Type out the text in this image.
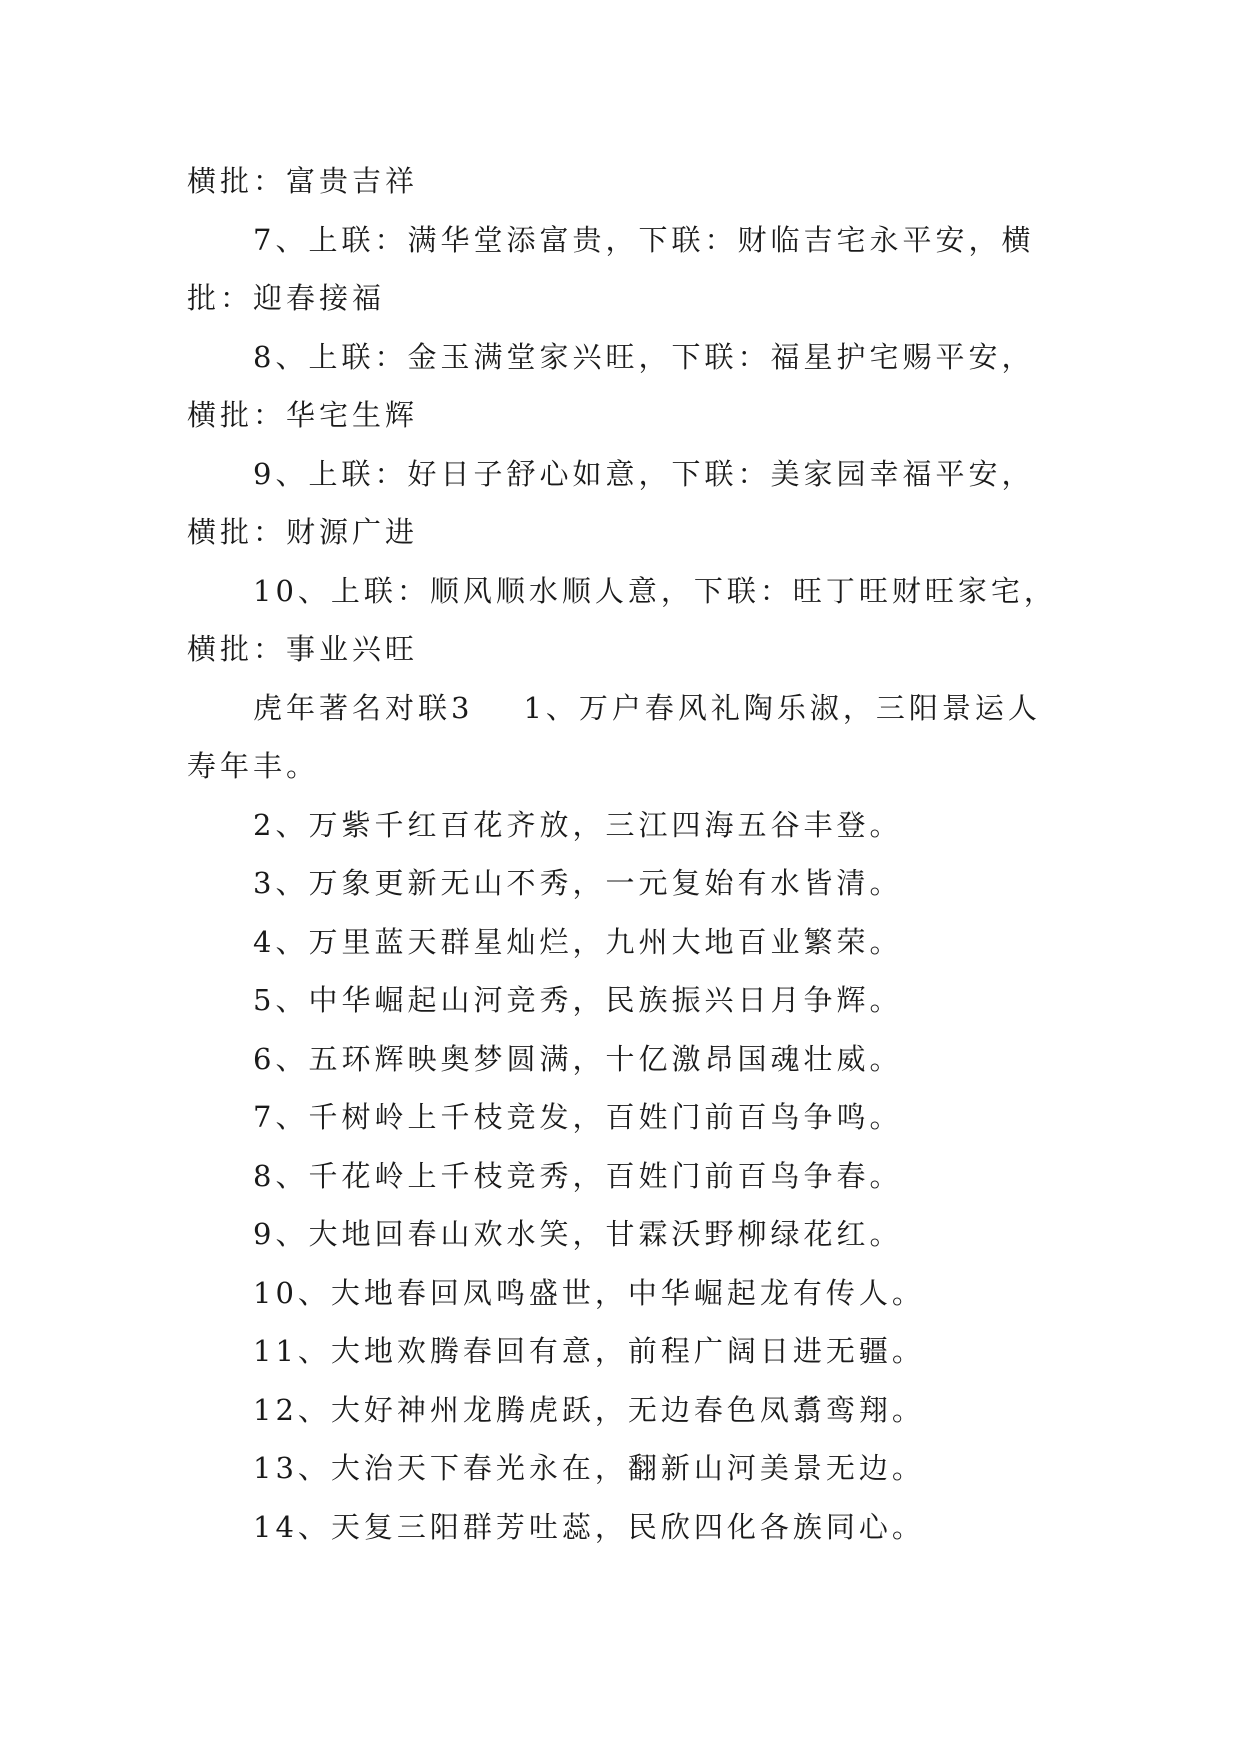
横批：富贵吉祥
7、上联：满华堂添富贵，下联：财临吉宅永平安，横
批：迎春接福
8、上联：金玉满堂家兴旺，下联：福星护宅赐平安，
横批：华宅生辉
9、上联：好日子舒心如意，下联：美家园幸福平安，
横批：财源广进
10、上联：顺风顺水顺人意，下联：旺丁旺财旺家宅，
横批：事业兴旺
虎年著名对联3 1、万户春风礼陶乐淑，三阳景运人
寿年丰。
2、万紫千红百花齐放，三江四海五谷丰登。
3、万象更新无山不秀，一元复始有水皆清。
4、万里蓝天群星灿烂，九州大地百业繁荣。
5、中华崛起山河竞秀，民族振兴日月争辉。
6、五环辉映奥梦圆满，十亿激昂国魂壮威。
7、千树岭上千枝竞发，百姓门前百鸟争鸣。
8、千花岭上千枝竞秀，百姓门前百鸟争春。
9、大地回春山欢水笑，甘霖沃野柳绿花红。
10、大地春回凤鸣盛世，中华崛起龙有传人。
11、大地欢腾春回有意，前程广阔日进无疆。
12、大好神州龙腾虎跃，无边春色凤翥鸾翔。
13、大治天下春光永在，翻新山河美景无边。
14、天复三阳群芳吐蕊，民欣四化各族同心。
